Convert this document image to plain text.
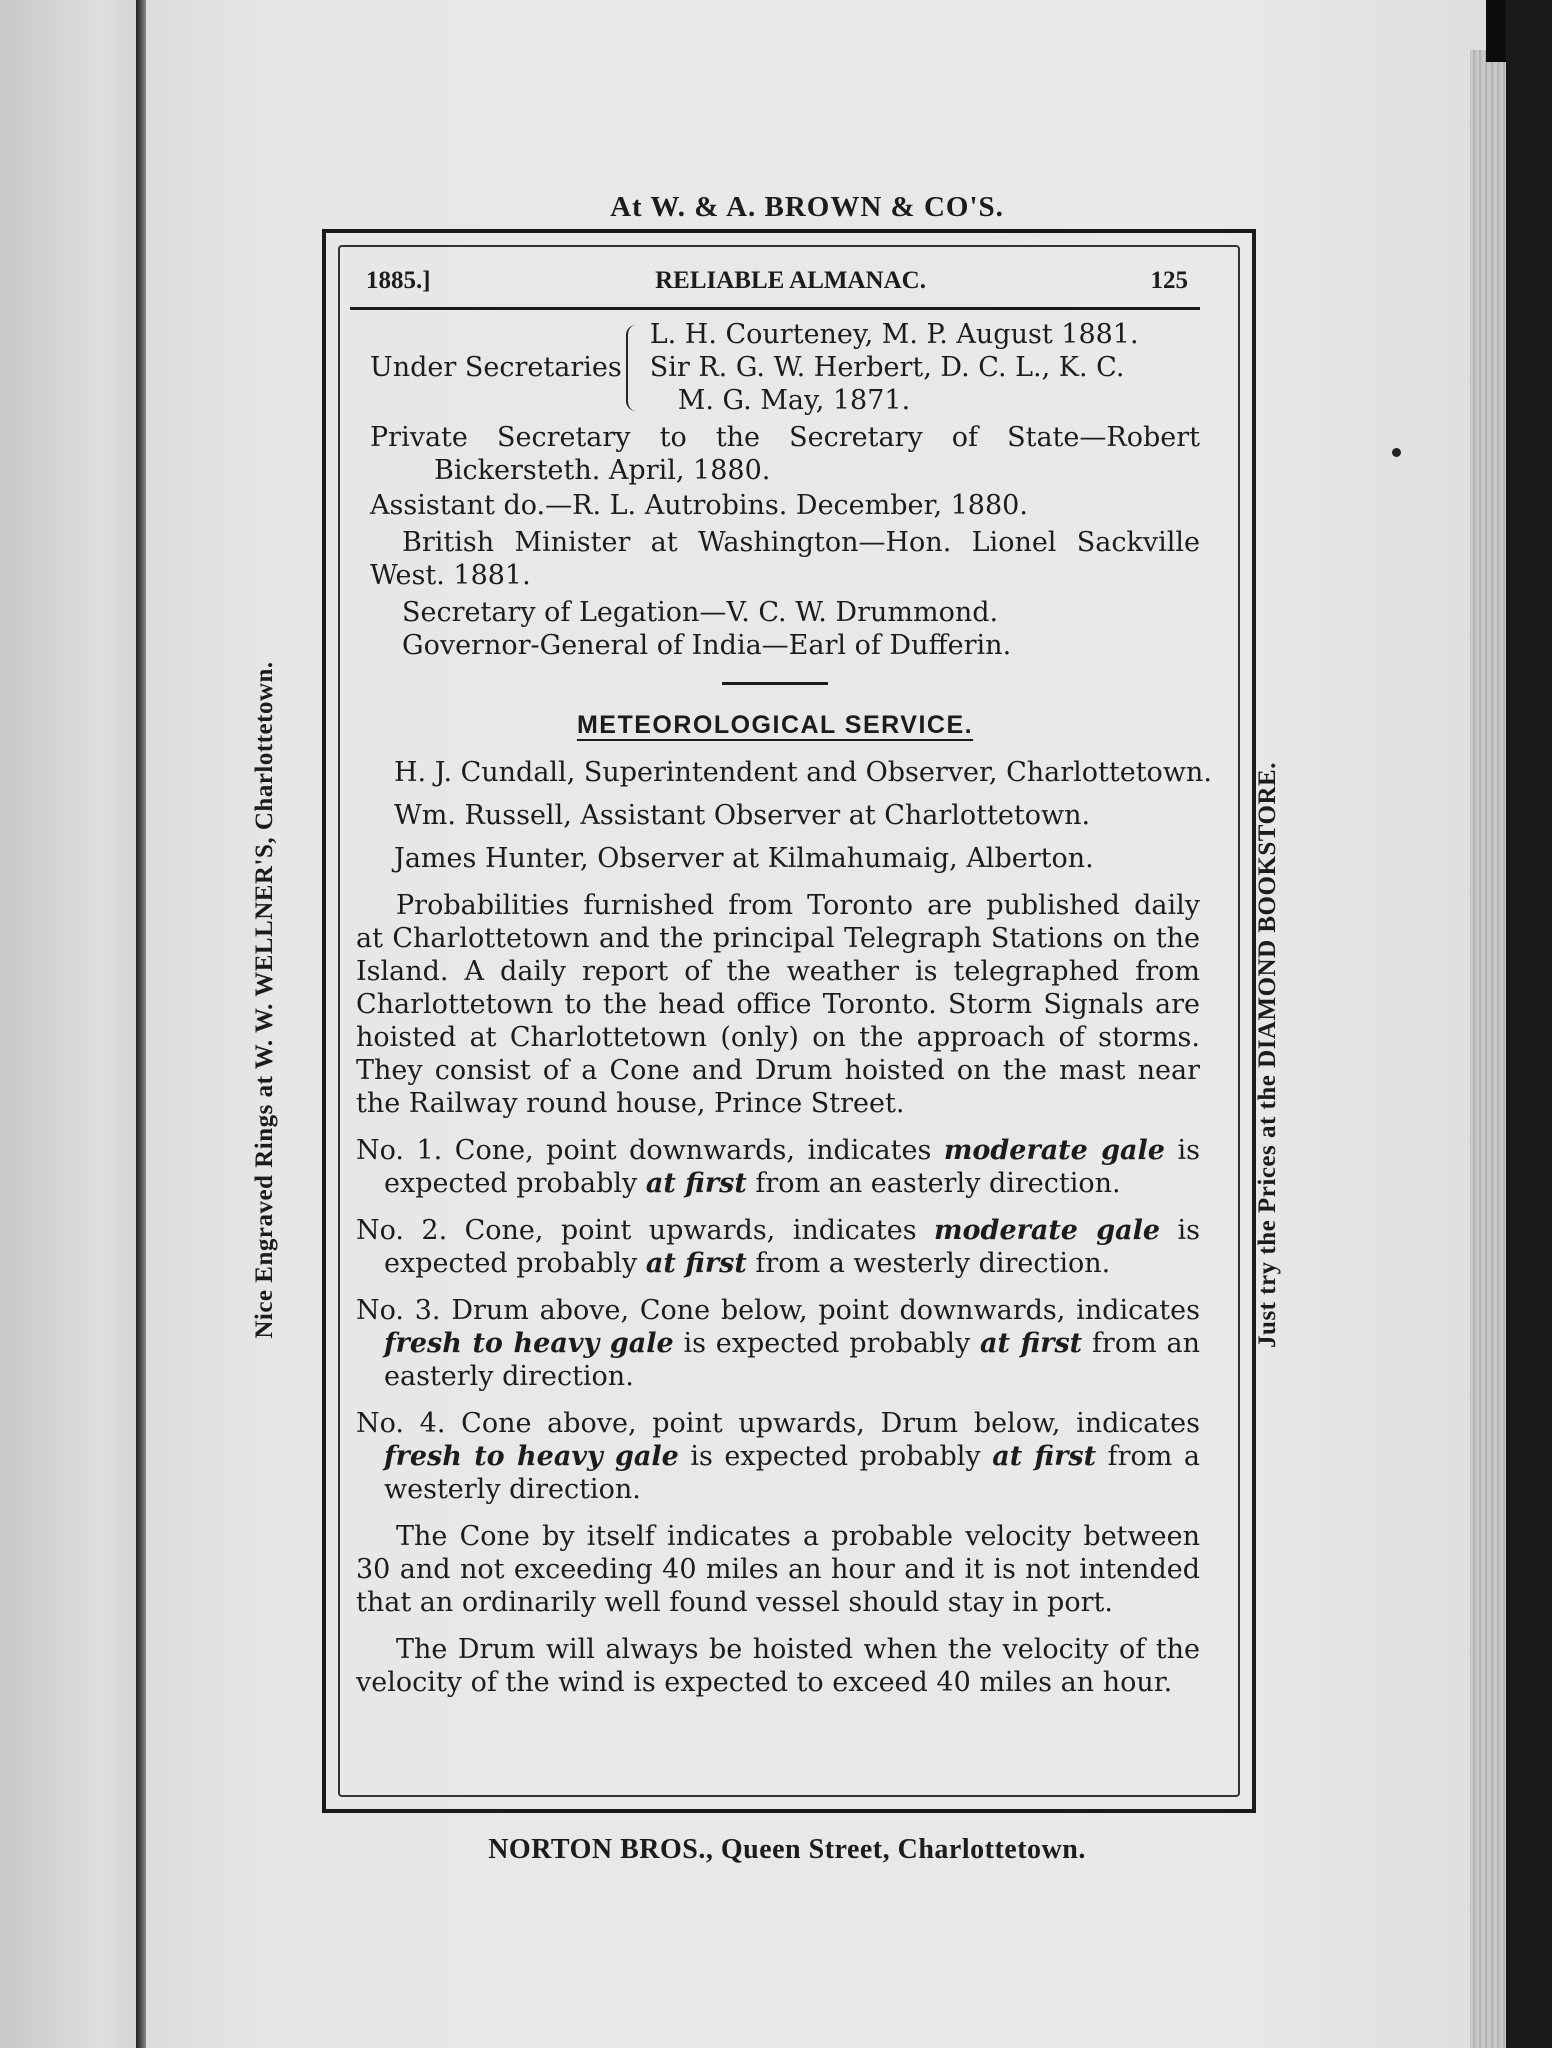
At W. & A. BROWN & CO'S.
Nice Engraved Rings at W. W. WELLNER'S, Charlottetown.	Just try the Prices at the DIAMOND BOOKSTORE.
1885.]	RELIABLE ALMANAC.	125
Under Secretaries
L. H. Courteney, M. P. August 1881.
Sir R. G. W. Herbert, D. C. L., K. C.
M. G. May, 1871.

Private Secretary to the Secretary of State—Robert Bickersteth. April, 1880.

Assistant do.—R. L. Autrobins. December, 1880.

British Minister at Washington—Hon. Lionel Sackville West. 1881.

Secretary of Legation—V. C. W. Drummond.

Governor-General of India—Earl of Dufferin.

METEOROLOGICAL SERVICE.
H. J. Cundall, Superintendent and Observer, Charlottetown.
Wm. Russell, Assistant Observer at Charlottetown.
James Hunter, Observer at Kilmahumaig, Alberton.

Probabilities furnished from Toronto are published daily at Charlottetown and the principal Telegraph Stations on the Island. A daily report of the weather is telegraphed from Charlottetown to the head office Toronto. Storm Signals are hoisted at Charlottetown (only) on the approach of storms. They consist of a Cone and Drum hoisted on the mast near the Railway round house, Prince Street.

No. 1. Cone, point downwards, indicates moderate gale is expected probably at first from an easterly direction.

No. 2. Cone, point upwards, indicates moderate gale is expected probably at first from a westerly direction.

No. 3. Drum above, Cone below, point downwards, indicates fresh to heavy gale is expected probably at first from an easterly direction.

No. 4. Cone above, point upwards, Drum below, indicates fresh to heavy gale is expected probably at first from a westerly direction.

The Cone by itself indicates a probable velocity between 30 and not exceeding 40 miles an hour and it is not intended that an ordinarily well found vessel should stay in port.

The Drum will always be hoisted when the velocity of the velocity of the wind is expected to exceed 40 miles an hour.

NORTON BROS., Queen Street, Charlottetown.
